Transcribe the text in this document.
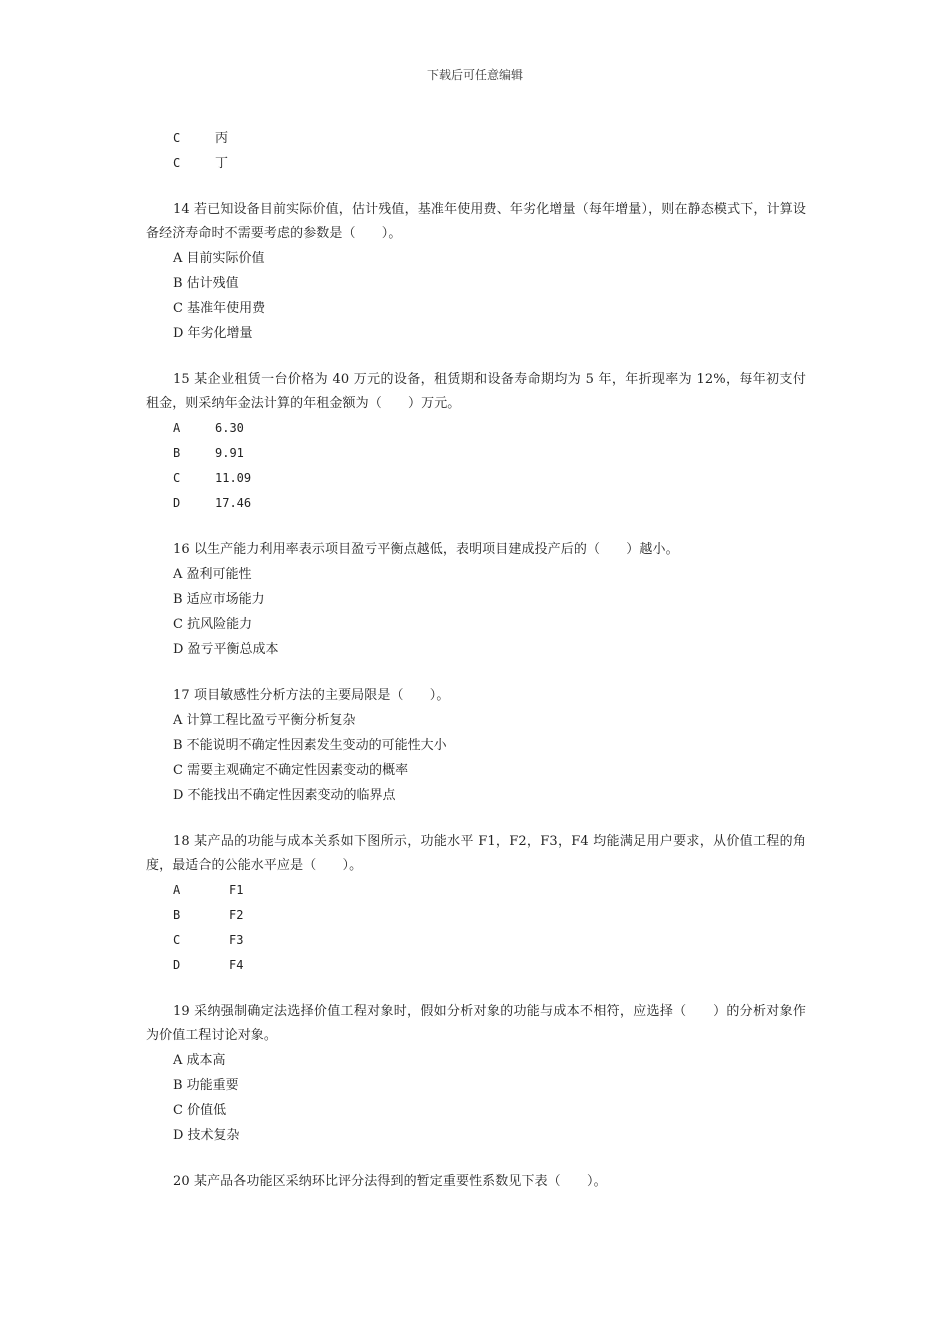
下载后可任意编辑
C	丙
C	丁
14 若已知设备目前实际价值，估计残值，基准年使用费、年劣化增量（每年增量），则在静态模式下，计算设备经济寿命时不需要考虑的参数是（　　）。
A 目前实际价值
B 估计残值
C 基准年使用费
D 年劣化增量
15 某企业租赁一台价格为 40 万元的设备，租赁期和设备寿命期均为 5 年，年折现率为 12%，每年初支付租金，则采纳年金法计算的年租金额为（　　）万元。
A	6.30
B	9.91
C	11.09
D	17.46
16 以生产能力利用率表示项目盈亏平衡点越低，表明项目建成投产后的（　　）越小。
A 盈利可能性
B 适应市场能力
C 抗风险能力
D 盈亏平衡总成本
17 项目敏感性分析方法的主要局限是（　　）。
A 计算工程比盈亏平衡分析复杂
B 不能说明不确定性因素发生变动的可能性大小
C 需要主观确定不确定性因素变动的概率
D 不能找出不确定性因素变动的临界点
18 某产品的功能与成本关系如下图所示，功能水平 F1，F2，F3，F4 均能满足用户要求，从价值工程的角度，最适合的公能水平应是（　　）。
A	F1
B	F2
C	F3
D	F4
19 采纳强制确定法选择价值工程对象时，假如分析对象的功能与成本不相符，应选择（　　）的分析对象作为价值工程讨论对象。
A 成本高
B 功能重要
C 价值低
D 技术复杂
20 某产品各功能区采纳环比评分法得到的暂定重要性系数见下表（　　）。
